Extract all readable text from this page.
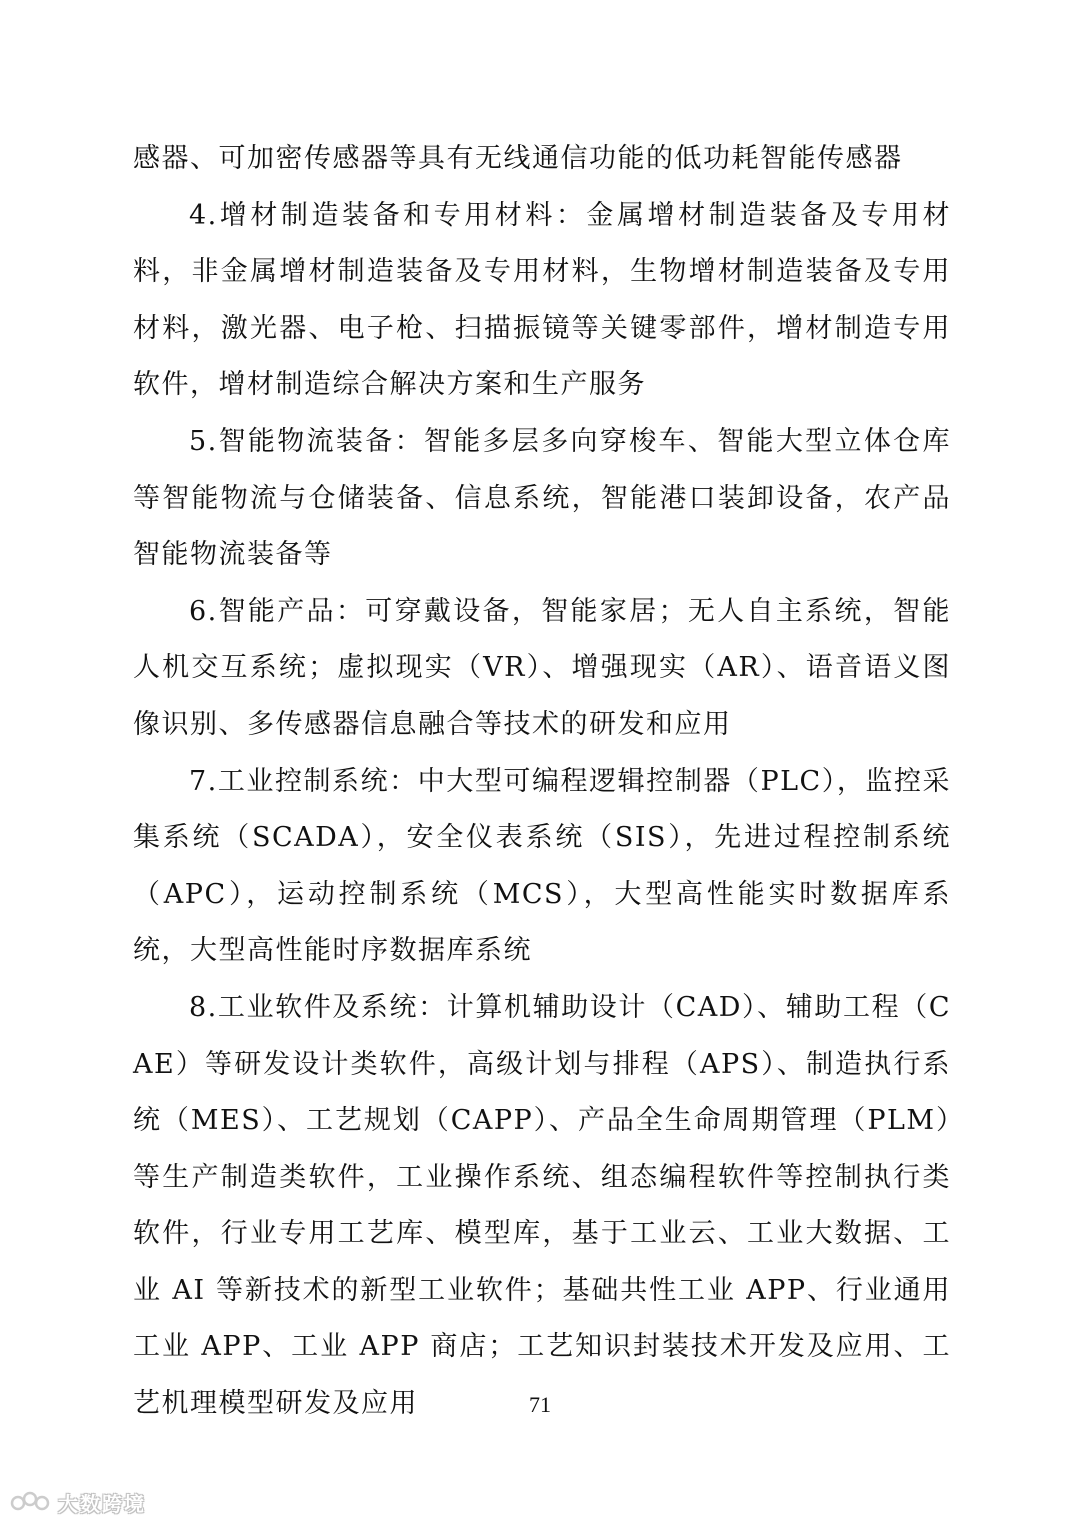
感器、可加密传感器等具有无线通信功能的低功耗智能传感器

4.增材制造装备和专用材料：金属增材制造装备及专用材料，非金属增材制造装备及专用材料，生物增材制造装备及专用材料，激光器、电子枪、扫描振镜等关键零部件，增材制造专用软件，增材制造综合解决方案和生产服务

5.智能物流装备：智能多层多向穿梭车、智能大型立体仓库等智能物流与仓储装备、信息系统，智能港口装卸设备，农产品智能物流装备等

6.智能产品：可穿戴设备，智能家居；无人自主系统，智能人机交互系统；虚拟现实（VR）、增强现实（AR）、语音语义图像识别、多传感器信息融合等技术的研发和应用

7.工业控制系统：中大型可编程逻辑控制器（PLC），监控采集系统（SCADA），安全仪表系统（SIS），先进过程控制系统（APC），运动控制系统（MCS），大型高性能实时数据库系统，大型高性能时序数据库系统

8.工业软件及系统：计算机辅助设计（CAD）、辅助工程（CAE）等研发设计类软件，高级计划与排程（APS）、制造执行系统（MES）、工艺规划（CAPP）、产品全生命周期管理（PLM）等生产制造类软件，工业操作系统、组态编程软件等控制执行类软件，行业专用工艺库、模型库，基于工业云、工业大数据、工业 AI 等新技术的新型工业软件；基础共性工业 APP、行业通用工业 APP、工业 APP 商店；工艺知识封装技术开发及应用、工艺机理模型研发及应用	71
大数跨境
